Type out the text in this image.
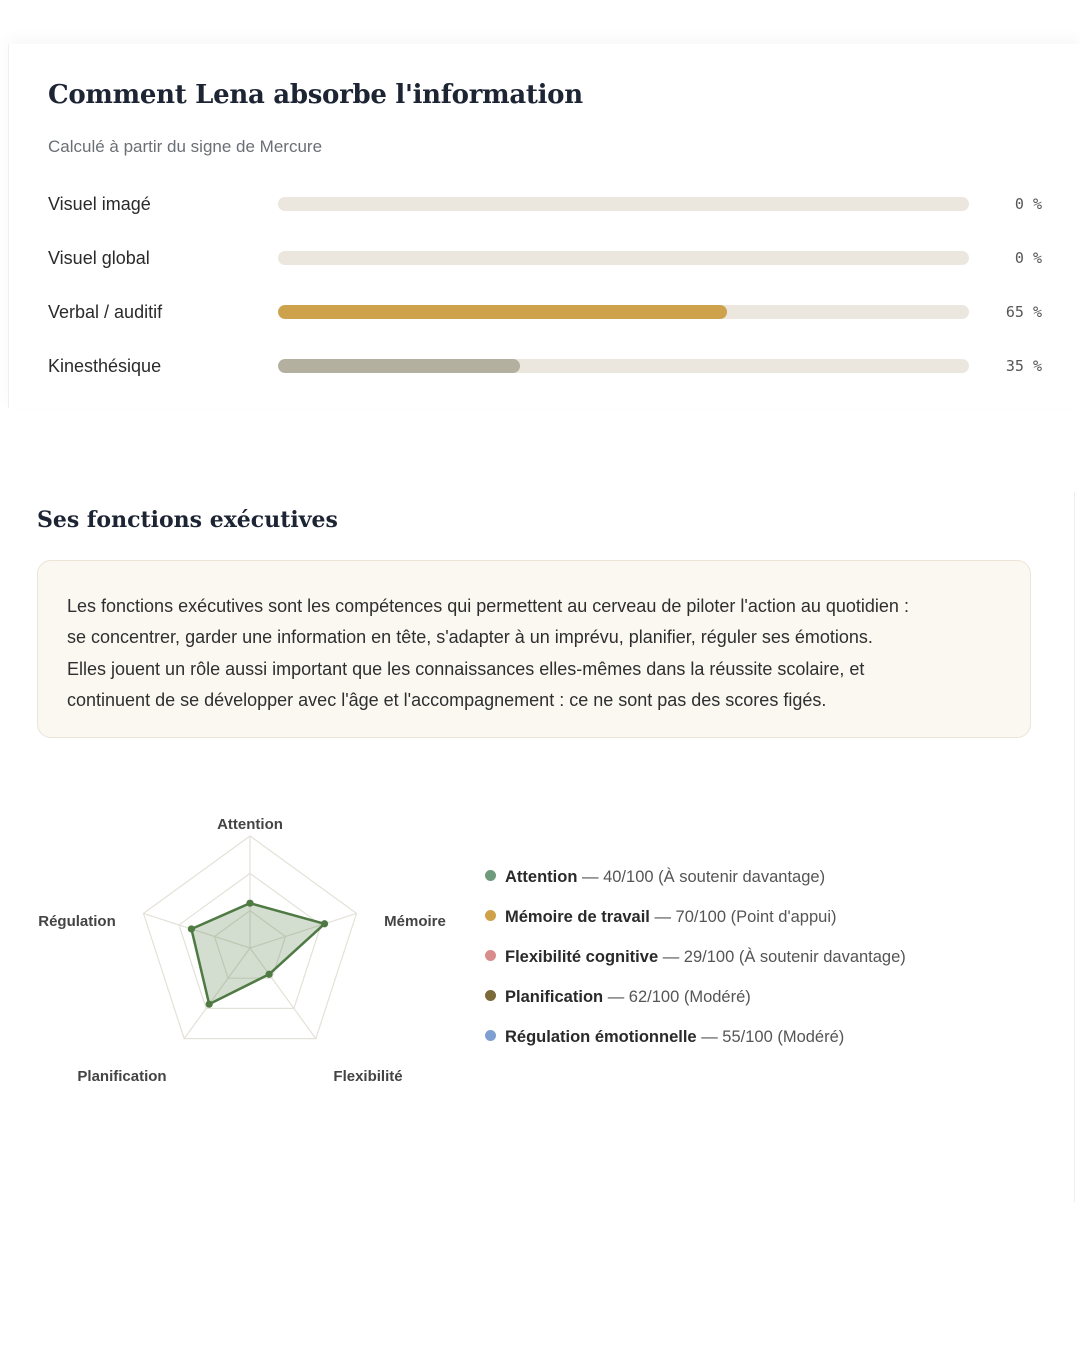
Comment Lena absorbe l'information

Calculé à partir du signe de Mercure

Visuel imagé	0 %
Visuel global	0 %
Verbal / auditif	65 %
Kinesthésique	35 %
Ses fonctions exécutives

Les fonctions exécutives sont les compétences qui permettent au cerveau de piloter l'action au quotidien :

se concentrer, garder une information en tête, s'adapter à un imprévu, planifier, réguler ses émotions.

Elles jouent un rôle aussi important que les connaissances elles-mêmes dans la réussite scolaire, et

continuent de se développer avec l'âge et l'accompagnement : ce ne sont pas des scores figés.

Attention
Mémoire
Flexibilité
Planification
Régulation
Attention — 40/100 (À soutenir davantage)
Mémoire de travail — 70/100 (Point d'appui)
Flexibilité cognitive — 29/100 (À soutenir davantage)
Planification — 62/100 (Modéré)
Régulation émotionnelle — 55/100 (Modéré)
